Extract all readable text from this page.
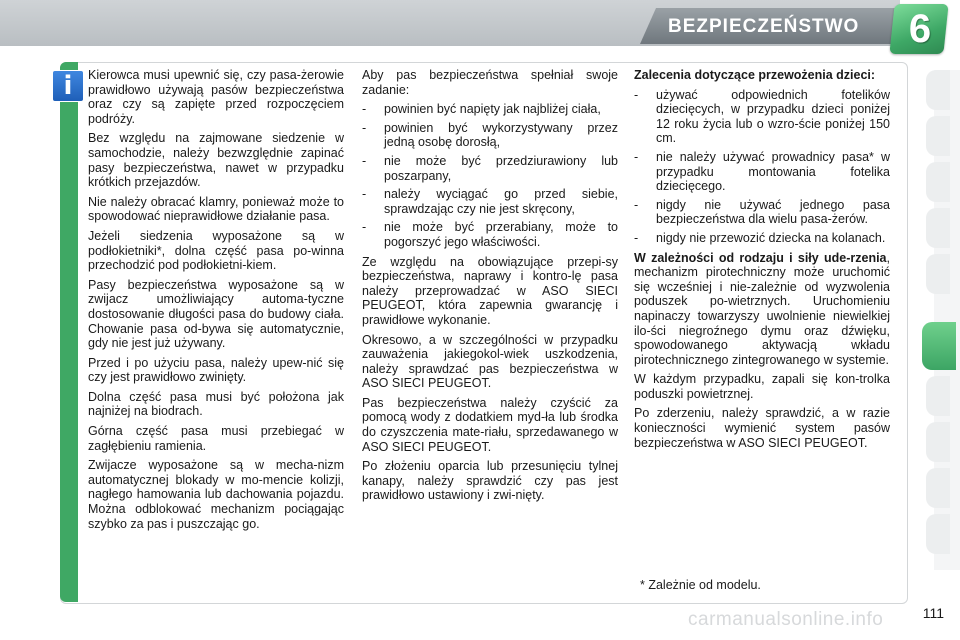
BEZPIECZEŃSTWO	6
i	Kierowca musi upewnić się, czy pasa-żerowie prawidłowo używają pasów bezpieczeństwa oraz czy są zapięte przed rozpoczęciem podróży.

Bez względu na zajmowane siedzenie w samochodzie, należy bezwzględnie zapinać pasy bezpieczeństwa, nawet w przypadku krótkich przejazdów.

Nie należy obracać klamry, ponieważ może to spowodować nieprawidłowe działanie pasa.

Jeżeli siedzenia wyposażone są w podłokietniki*, dolna część pasa po-winna przechodzić pod podłokietni-kiem.

Pasy bezpieczeństwa wyposażone są w zwijacz umożliwiający automa-tyczne dostosowanie długości pasa do budowy ciała. Chowanie pasa od-bywa się automatycznie, gdy nie jest już używany.

Przed i po użyciu pasa, należy upew-nić się czy jest prawidłowo zwinięty.

Dolna część pasa musi być położona jak najniżej na biodrach.

Górna część pasa musi przebiegać w zagłębieniu ramienia.

Zwijacze wyposażone są w mecha-nizm automatycznej blokady w mo-mencie kolizji, nagłego hamowania lub dachowania pojazdu. Można odblokować mechanizm pociągając szybko za pas i puszczając go.

Aby pas bezpieczeństwa spełniał swoje zadanie:

- powinien być napięty jak najbliżej ciała,
- powinien być wykorzystywany przez jedną osobę dorosłą,
- nie może być przedziurawiony lub poszarpany,
- należy wyciągać go przed siebie, sprawdzając czy nie jest skręcony,
- nie może być przerabiany, może to pogorszyć jego właściwości.

Ze względu na obowiązujące przepi-sy bezpieczeństwa, naprawy i kontro-lę pasa należy przeprowadzać w ASO SIECI PEUGEOT, która zapewnia gwarancję i prawidłowe wykonanie.

Okresowo, a w szczególności w przypadku zauważenia jakiegokol-wiek uszkodzenia, należy sprawdzać pas bezpieczeństwa w ASO SIECI PEUGEOT.

Pas bezpieczeństwa należy czyścić za pomocą wody z dodatkiem myd-ła lub środka do czyszczenia mate-riału, sprzedawanego w ASO SIECI PEUGEOT.

Po złożeniu oparcia lub przesunięciu tylnej kanapy, należy sprawdzić czy pas jest prawidłowo ustawiony i zwi-nięty.

Zalecenia dotyczące przewożenia dzieci:

- używać odpowiednich fotelików dziecięcych, w przypadku dzieci poniżej 12 roku życia lub o wzro-ście poniżej 150 cm.
- nie należy używać prowadnicy pasa* w przypadku montowania fotelika dziecięcego.
- nigdy nie używać jednego pasa bezpieczeństwa dla wielu pasa-żerów.
- nigdy nie przewozić dziecka na kolanach.

W zależności od rodzaju i siły ude-rzenia, mechanizm pirotechniczny może uruchomić się wcześniej i nie-zależnie od wyzwolenia poduszek po-wietrznych. Uruchomieniu napinaczy towarzyszy uwolnienie niewielkiej ilo-ści niegroźnego dymu oraz dźwięku, spowodowanego aktywacją wkładu pirotechnicznego zintegrowanego w systemie.

W każdym przypadku, zapali się kon-trolka poduszki powietrznej.

Po zderzeniu, należy sprawdzić, a w razie konieczności wymienić system pasów bezpieczeństwa w ASO SIECI PEUGEOT.

* Zależnie od modelu.
carmanualsonline.info	111
